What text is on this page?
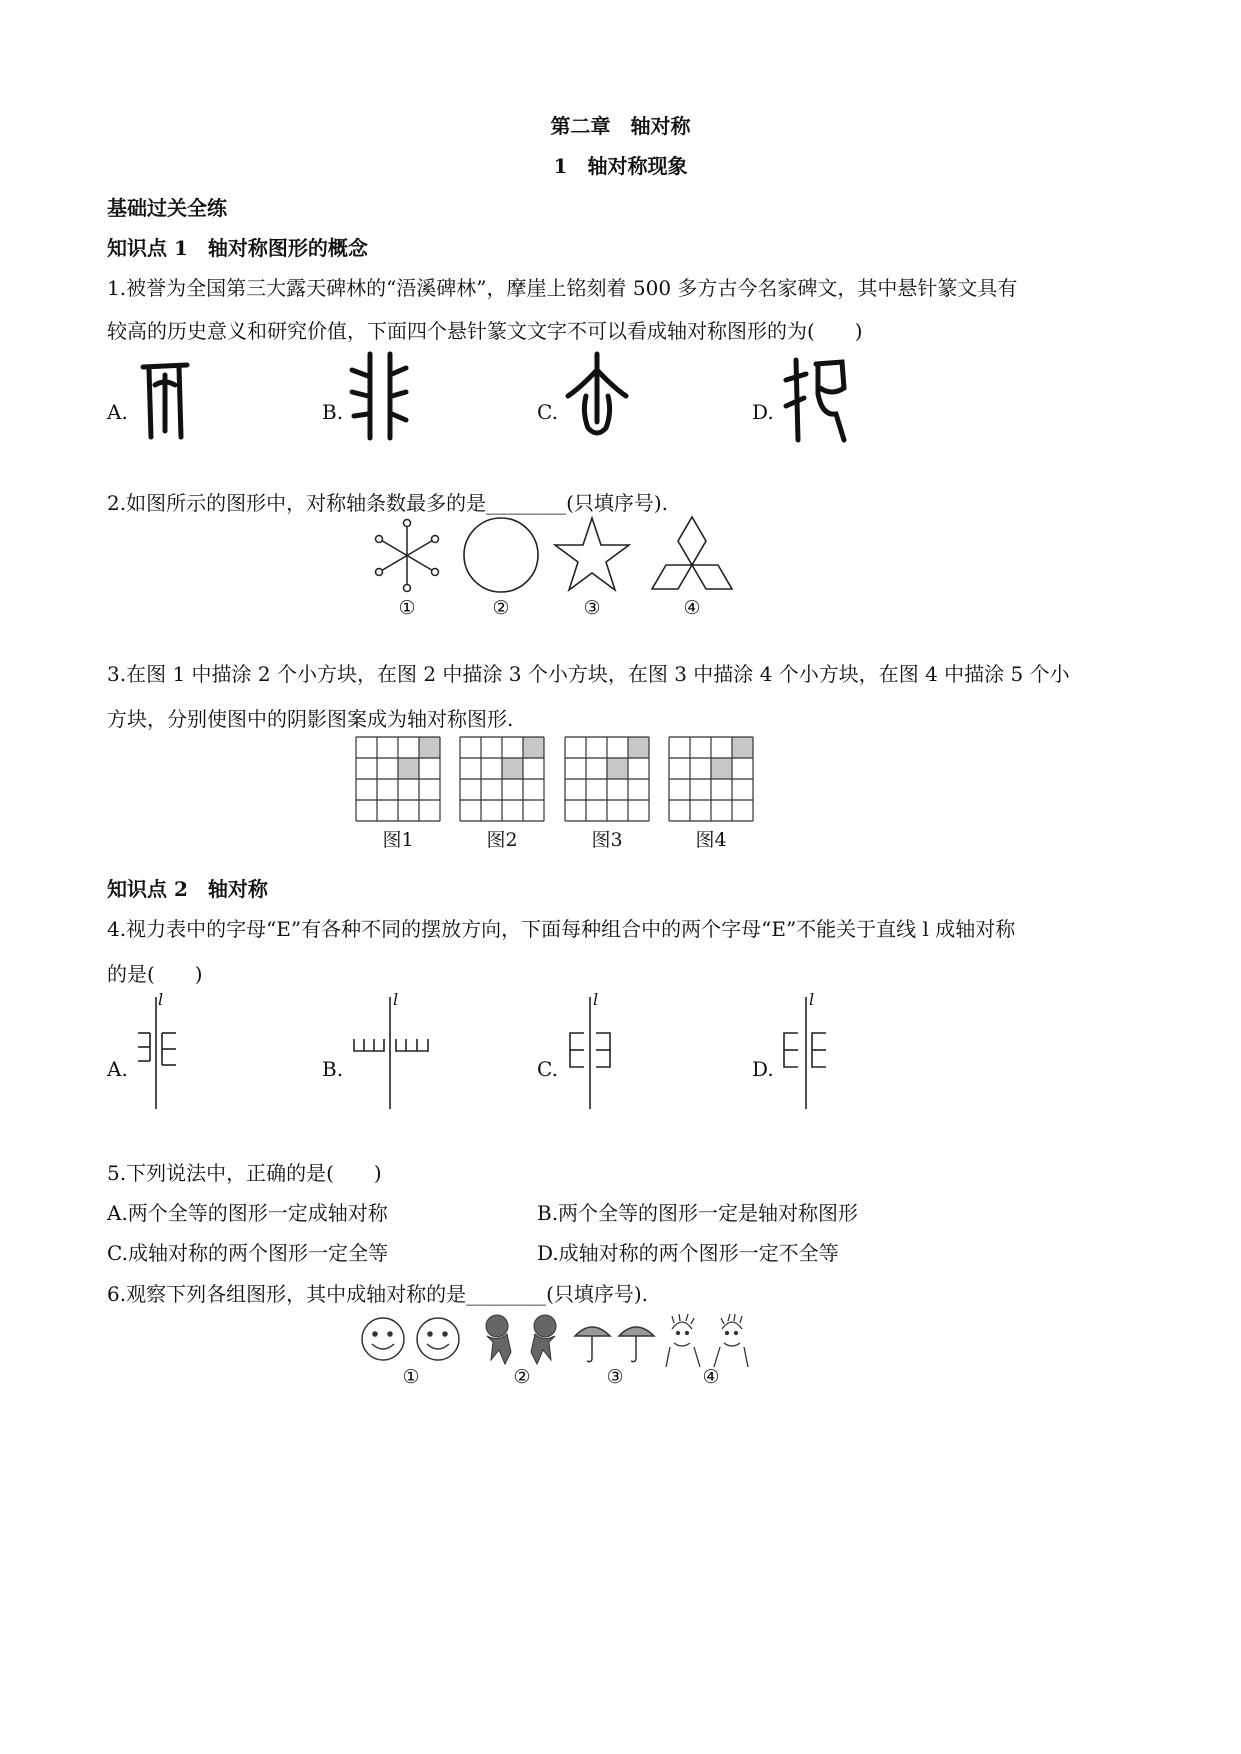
第二章　轴对称
1　轴对称现象
基础过关全练
知识点 1　轴对称图形的概念
1.被誉为全国第三大露天碑林的“浯溪碑林”，摩崖上铭刻着 500 多方古今名家碑文，其中悬针篆文具有
较高的历史意义和研究价值，下面四个悬针篆文文字不可以看成轴对称图形的为(　　)
A.	B.	C.	D.
2.如图所示的图形中，对称轴条数最多的是________(只填序号).
①	②	③	④
3.在图 1 中描涂 2 个小方块，在图 2 中描涂 3 个小方块，在图 3 中描涂 4 个小方块，在图 4 中描涂 5 个小
方块，分别使图中的阴影图案成为轴对称图形.
图1	图2	图3	图4
知识点 2　轴对称
4.视力表中的字母“E”有各种不同的摆放方向，下面每种组合中的两个字母“E”不能关于直线 l 成轴对称
的是(　　)
A.	B.	C.	D.
l	l	l	l
5.下列说法中，正确的是(　　)
A.两个全等的图形一定成轴对称	B.两个全等的图形一定是轴对称图形
C.成轴对称的两个图形一定全等	D.成轴对称的两个图形一定不全等
6.观察下列各组图形，其中成轴对称的是________(只填序号).
①	②	③	④
